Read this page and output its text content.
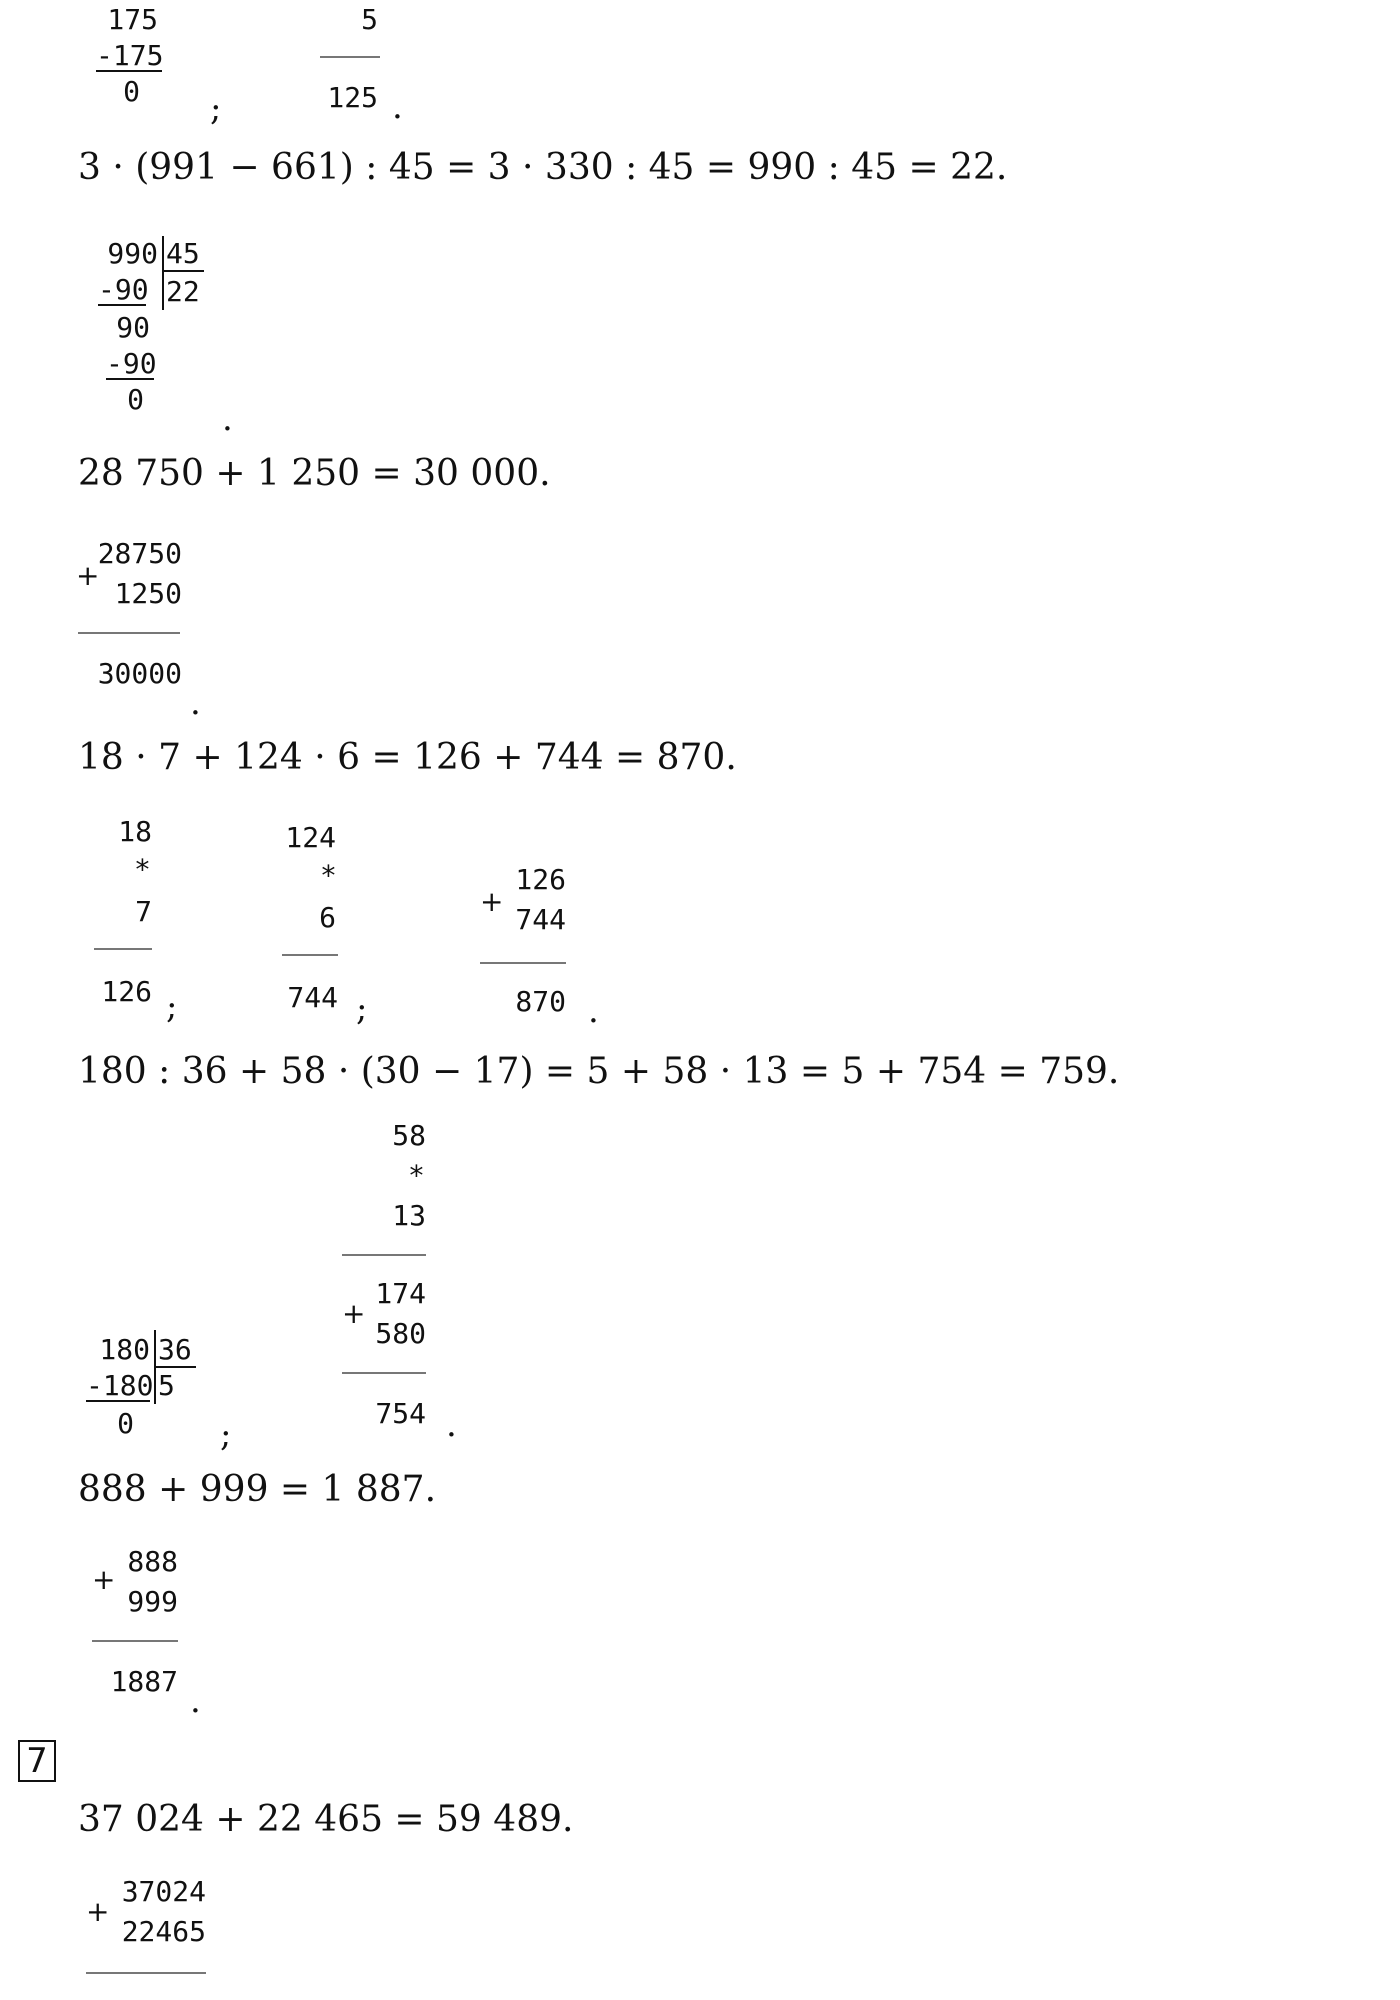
175
-175
0 ;
5
125 .
3 · (991 − 661) : 45 = 3 · 330 : 45 = 990 : 45 = 22.
990 45
22
-90
90
-90
0 .
28 750 + 1 250 = 30 000.
28750
+
1250
30000
.
18 · 7 + 124 · 6 = 126 + 744 = 870.
18
*
7
126 ;
124
*
6
744 ;
+
126
744
870 .
180 : 36 + 58 · (30 − 17) = 5 + 58 · 13 = 5 + 754 = 759.
180 36
5
-180
0	;
58
*
13
174
+
580
754 .
888 + 999 = 1 887.
888
+
999
1887 .
7
37 024 + 22 465 = 59 489.
37024
+
22465
